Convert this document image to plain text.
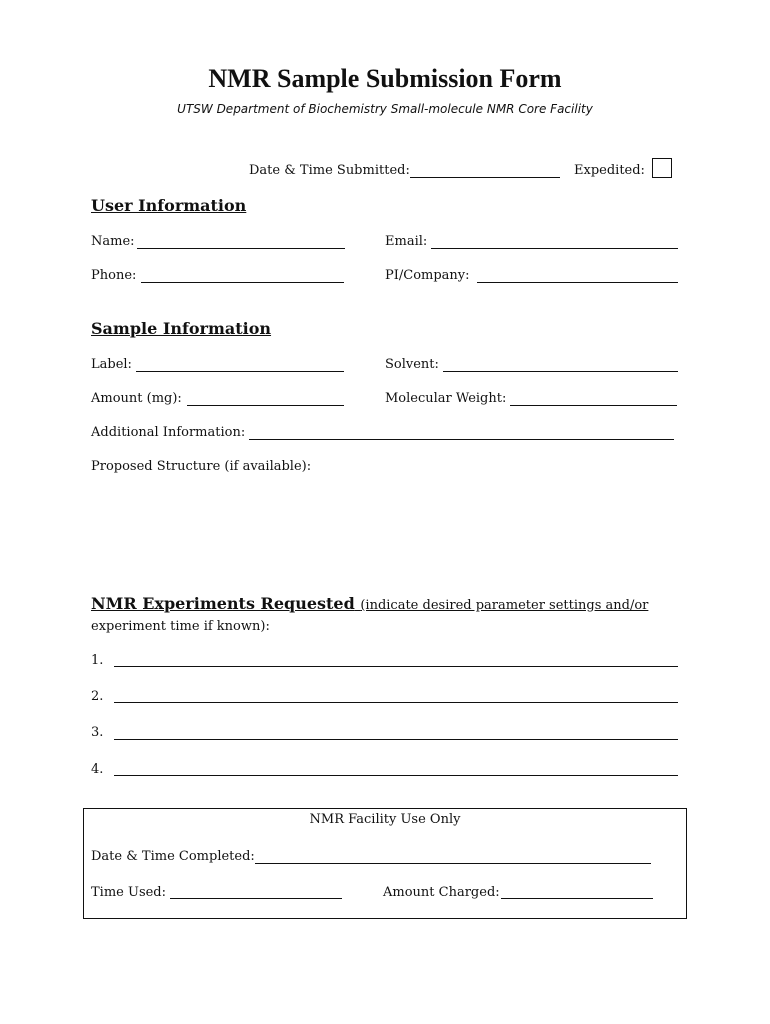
NMR Sample Submission Form
UTSW Department of Biochemistry Small-molecule NMR Core Facility
Date & Time Submitted:	Expedited:
User Information
Name:	Email:
Phone:	PI/Company:
Sample Information
Label:	Solvent:
Amount (mg):	Molecular Weight:
Additional Information:
Proposed Structure (if available):
NMR Experiments Requested (indicate desired parameter settings and/or
experiment time if known):
1.
2.
3.
4.
NMR Facility Use Only
Date & Time Completed:
Time Used:	Amount Charged:
